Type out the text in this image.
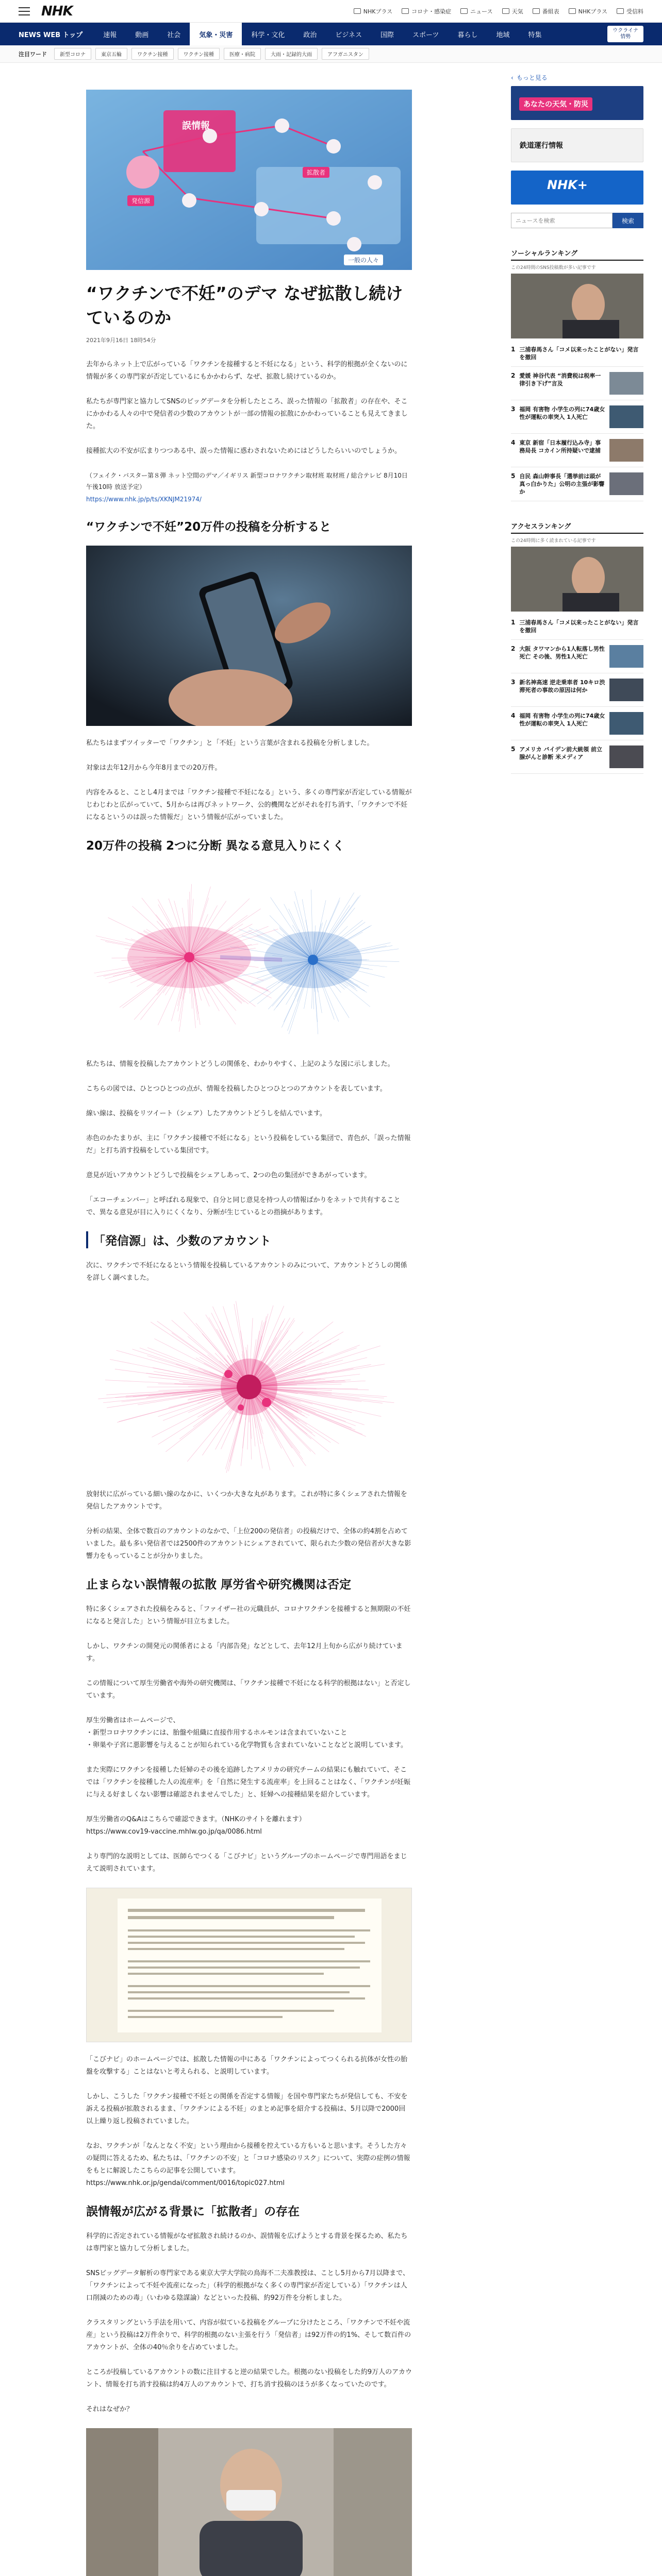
NHK	NHKプラス	コロナ・感染症	ニュース	天気	番組表	NHKプラス	受信料
NEWS WEB トップ	速報	動画	社会	気象・災害	科学・文化	政治	ビジネス	国際	スポーツ	暮らし	地域	特集
ウクライナ
情勢
注目ワード	新型コロナ	東京五輪	ワクチン接種	ワクチン接種	医療・病院	大雨・記録的大雨	アフガニスタン
誤情報
発信源
拡散者
一般の人々
“ワクチンで不妊”のデマ なぜ拡散し続けているのか
2021年9月16日 18時54分
去年からネット上で広がっている「ワクチンを接種すると不妊になる」という、科学的根拠が全くないのに情報が多くの専門家が否定しているにもかかわらず、なぜ、拡散し続けているのか。
私たちが専門家と協力してSNSのビッグデータを分析したところ、誤った情報の「拡散者」の存在や、そこにかかわる人々の中で発信者の少数のアカウントが一部の情報の拡散にかかわっていることも見えてきました。
接種拡大の不安が広まりつつある中、誤った情報に惑わされないためにはどうしたらいいのでしょうか。
（フェイク・バスター第８弾 ネット空間のデマ／イギリス 新型コロナワクチン取材班 取材班 / 総合テレビ 8月10日 午後10時 放送予定）
https://www.nhk.jp/p/ts/XKNJM21974/
“ワクチンで不妊”20万件の投稿を分析すると
私たちはまずツイッターで「ワクチン」と「不妊」という言葉が含まれる投稿を分析しました。
対象は去年12月から今年8月までの20万件。
内容をみると、ことし4月までは「ワクチン接種で不妊になる」という、多くの専門家が否定している情報がじわじわと広がっていて、5月からは再びネットワーク、公的機関などがそれを打ち消す、「ワクチンで不妊になるというのは誤った情報だ」という情報が広がっていました。
20万件の投稿 2つに分断 異なる意見入りにくく
私たちは、情報を投稿したアカウントどうしの関係を、わかりやすく、上記のような図に示しました。
こちらの図では、ひとつひとつの点が、情報を投稿したひとつひとつのアカウントを表しています。
線い線は、投稿をリツイート（シェア）したアカウントどうしを結んでいます。
赤色のかたまりが、主に「ワクチン接種で不妊になる」という投稿をしている集団で、青色が、「誤った情報だ」と打ち消す投稿をしている集団です。
意見が近いアカウントどうしで投稿をシェアしあって、2つの色の集団ができあがっています。
「エコーチェンバー」と呼ばれる現象で、自分と同じ意見を持つ人の情報ばかりをネットで共有することで、異なる意見が目に入りにくくなり、分断が生じているとの指摘があります。
「発信源」は、少数のアカウント
次に、ワクチンで不妊になるという情報を投稿しているアカウントのみについて、アカウントどうしの関係を詳しく調べました。
放射状に広がっている細い線のなかに、いくつか大きな丸があります。これが特に多くシェアされた情報を発信したアカウントです。
分析の結果、全体で数百のアカウントのなかで、「上位200の発信者」の投稿だけで、全体の約4割を占めていました。最も多い発信者では2500件のアカウントにシェアされていて、限られた少数の発信者が大きな影響力をもっていることが分かりました。
止まらない誤情報の拡散 厚労省や研究機関は否定
特に多くシェアされた投稿をみると、「ファイザー社の元職員が、コロナワクチンを接種すると無期限の不妊になると発言した」という情報が目立ちました。
しかし、ワクチンの開発元の関係者による「内部告発」などとして、去年12月上旬から広がり続けています。
この情報について厚生労働省や海外の研究機関は、「ワクチン接種で不妊になる科学的根拠はない」と否定しています。
厚生労働省はホームページで、
・新型コロナワクチンには、胎盤や組織に直接作用するホルモンは含まれていないこと
・卵巣や子宮に悪影響を与えることが知られている化学物質も含まれていないことなどと説明しています。
また実際にワクチンを接種した妊婦のその後を追跡したアメリカの研究チームの結果にも触れていて、そこでは「ワクチンを接種した人の流産率」を「自然に発生する流産率」を上回ることはなく、「ワクチンが妊娠に与える好ましくない影響は確認されませんでした」と、妊婦への接種結果を紹介しています。
厚生労働省のQ&Aはこちらで確認できます。（NHKのサイトを離れます）
https://www.cov19-vaccine.mhlw.go.jp/qa/0086.html
より専門的な説明としては、医師らでつくる「こびナビ」というグループのホームページで専門用語をまじえて説明されています。
「こびナビ」のホームページでは、拡散した情報の中にある「ワクチンによってつくられる抗体が女性の胎盤を攻撃する」ことはないと考えられる、と説明しています。
しかし、こうした「ワクチン接種で不妊との関係を否定する情報」を国や専門家たちが発信しても、不安を訴える投稿が拡散されるまま、「ワクチンによる不妊」のまとめ記事を紹介する投稿は、5月以降で2000回以上繰り返し投稿されていました。
なお、ワクチンが「なんとなく不安」という理由から接種を控えている方もいると思います。そうした方々の疑問に答えるため、私たちは、「ワクチンの不安」と「コロナ感染のリスク」について、実際の症例の情報をもとに解説したこちらの記事を公開しています。
https://www.nhk.or.jp/gendai/comment/0016/topic027.html
誤情報が広がる背景に「拡散者」の存在
科学的に否定されている情報がなぜ拡散され続けるのか、誤情報を広げようとする背景を探るため、私たちは専門家と協力して分析しました。
SNSビッグデータ解析の専門家である東京大学大学院の鳥海不二夫准教授は、ことし5月から7月以降まで、「ワクチンによって不妊や流産になった」（科学的根拠がなく多くの専門家が否定している）「ワクチンは人口削減のための毒」（いわゆる陰謀論）などといった投稿、約92万件を分析しました。
クラスタリングという手法を用いて、内容が似ている投稿をグループに分けたところ、「ワクチンで不妊や流産」という投稿は2万件余りで、科学的根拠のない主張を行う「発信者」は92万件の約1%、そして数百件のアカウントが、全体の40％余りを占めていました。
ところが投稿しているアカウントの数に注目すると逆の結果でした。根拠のない投稿をした約9万人のアカウント、情報を打ち消す投稿は約4万人のアカウントで、打ち消す投稿のほうが多くなっていたのです。
それはなぜか？
‹ もっと見る
あなたの天気・防災
鉄道運行情報
NHK+
ニュースを検索
検索
ソーシャルランキング
この24時間のSNS投稿数が多い記事です
1 三浦春馬さん「コメ以来ったことがない」発言を撤回
2 愛媛 神谷代表 “消費税は税率一律引き下げ”言及
3 福岡 有害物 小学生の列に74歳女性が運転の車突入 1人死亡
4 東京 新宿「日本履行込み寺」事務局長 コカイン所持疑いで逮捕
5 自民 森山幹事長「選挙前は頭が真っ白かりた」公明の主張が影響か
アクセスランキング
この24時間に多く読まれている記事です
1 三浦春馬さん「コメ以来ったことがない」発言を撤回
2 大阪 タワマンから1人転落し男性死亡 その後、男性1人死亡
3 新名神高速 逆走乗車者 10キロ渋滞死者の事故の原因は何か
4 福岡 有害物 小学生の列に74歳女性が運転の車突入 1人死亡
5 アメリカ バイデン前大統領 前立腺がんと診断 米メディア
